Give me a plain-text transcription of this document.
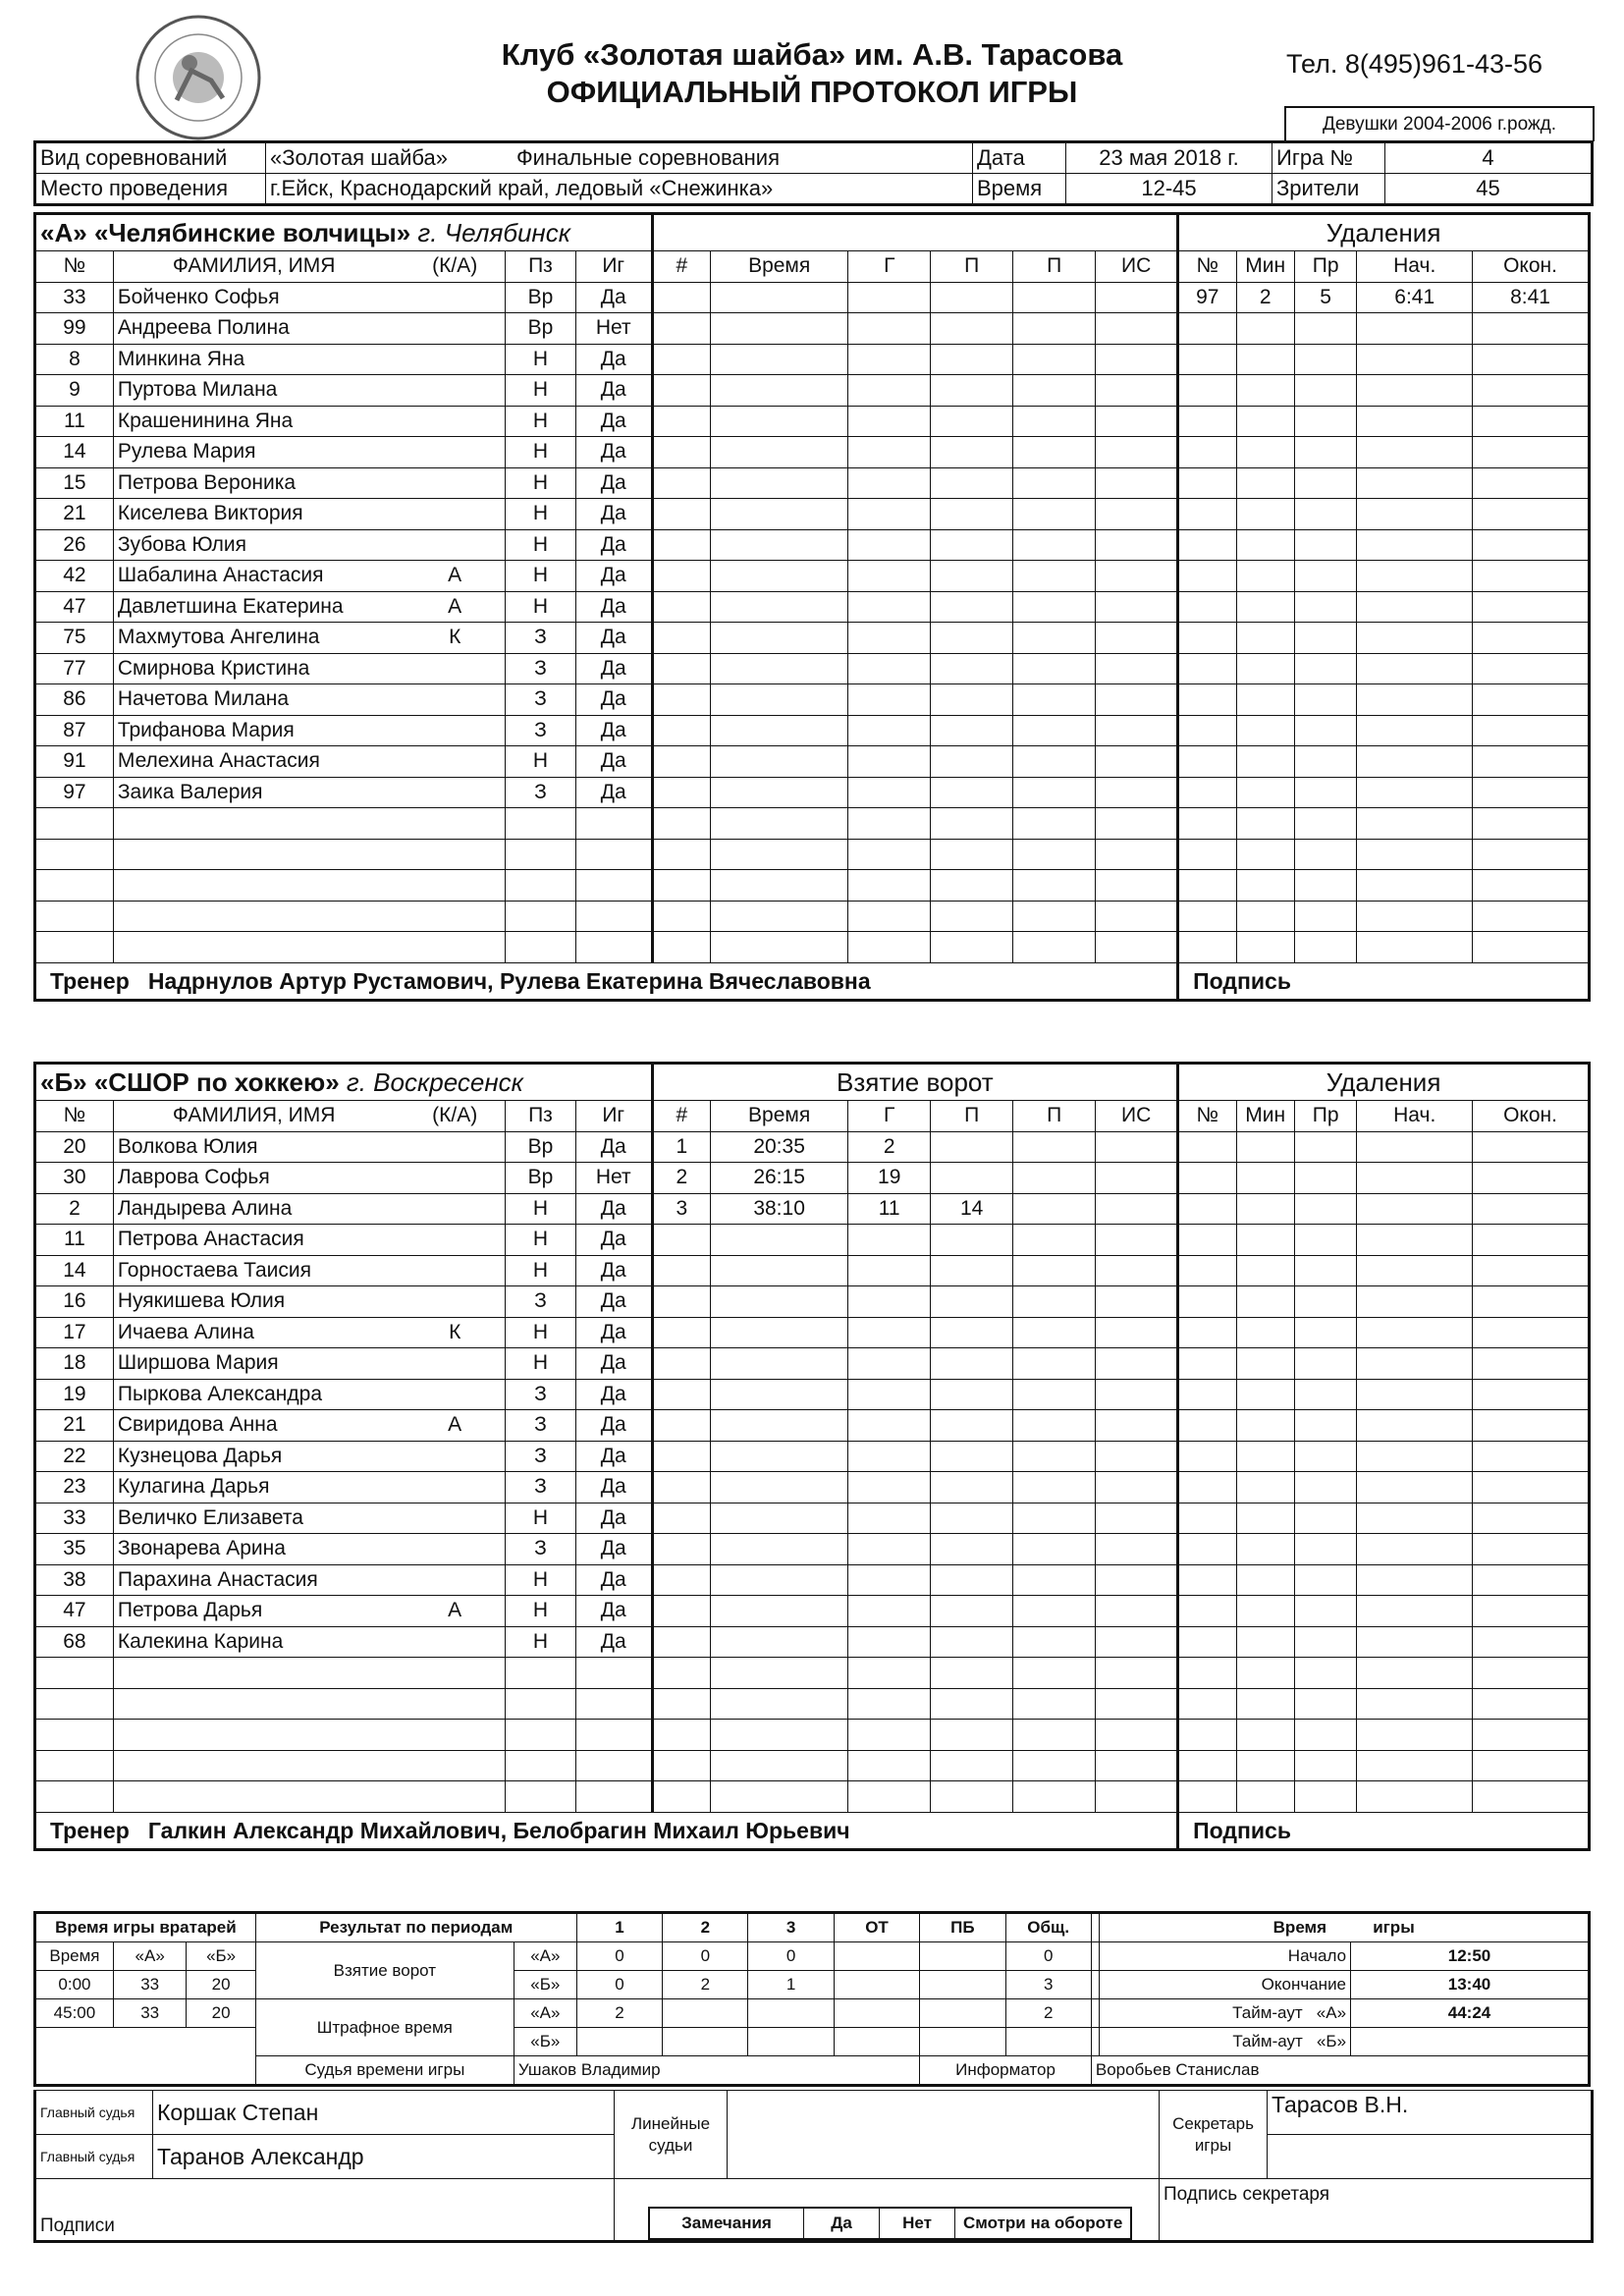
Клуб «Золотая шайба» им. А.В. Тарасова
ОФИЦИАЛЬНЫЙ ПРОТОКОЛ ИГРЫ
Тел. 8(495)961-43-56
Девушки 2004-2006 г.рожд.
Вид соревнований	«Золотая шайба» Финальные соревнования	Дата	23 мая 2018 г.	Игра №	4
Место проведения	г.Ейск, Краснодарский край, ледовый «Снежинка»	Время	12-45	Зрители	45
«А» «Челябинские волчицы» г. Челябинск											Удаления				
№	ФАМИЛИЯ, ИМЯ	(К/А)	Пз	Иг	#	Время	Г	П	П	ИС	№	Мин	Пр	Нач.	Окон.
33	Бойченко Софья		Вр	Да							97	2	5	6:41	8:41
99	Андреева Полина		Вр	Нет											
8	Минкина Яна		Н	Да											
9	Пуртова Милана		Н	Да											
11	Крашенинина Яна		Н	Да											
14	Рулева Мария		Н	Да											
15	Петрова Вероника		Н	Да											
21	Киселева Виктория		Н	Да											
26	Зубова Юлия		Н	Да											
42	Шабалина Анастасия	А	Н	Да											
47	Давлетшина Екатерина	А	Н	Да											
75	Махмутова Ангелина	К	З	Да											
77	Смирнова Кристина		З	Да											
86	Начетова Милана		З	Да											
87	Трифанова Мария		З	Да											
91	Мелехина Анастасия		Н	Да											
97	Заика Валерия		З	Да											

Тренер Надрнулов Артур Рустамович, Рулева Екатерина Вячеславовна											Подпись				
«Б» «СШОР по хоккею» г. Воскресенск					Взятие ворот						Удаления				
№	ФАМИЛИЯ, ИМЯ	(К/А)	Пз	Иг	#	Время	Г	П	П	ИС	№	Мин	Пр	Нач.	Окон.
20	Волкова Юлия		Вр	Да	1	20:35	2								
30	Лаврова Софья		Вр	Нет	2	26:15	19								
2	Ландырева Алина		Н	Да	3	38:10	11	14							
11	Петрова Анастасия		Н	Да											
14	Горностаева Таисия		Н	Да											
16	Нуякишева Юлия		З	Да											
17	Ичаева Алина	К	Н	Да											
18	Ширшова Мария		Н	Да											
19	Пыркова Александра		З	Да											
21	Свиридова Анна	А	З	Да											
22	Кузнецова Дарья		З	Да											
23	Кулагина Дарья		З	Да											
33	Величко Елизавета		Н	Да											
35	Звонарева Арина		З	Да											
38	Парахина Анастасия		Н	Да											
47	Петрова Дарья	А	Н	Да											
68	Калекина Карина		Н	Да											

Тренер Галкин Александр Михайлович, Белобрагин Михаил Юрьевич											Подпись				
Время игры вратарей			Результат по периодам		1	2	3	ОТ	ПБ	Общ.		Время          игры	
Время	«А»	«Б»	Взятие ворот	«А»	0	0	0			0		Начало	12:50
0:00	33	20		«Б»	0	2	1			3		Окончание	13:40
45:00	33	20	Штрафное время	«А»	2					2		Тайм-аут   «А»	44:24
				«Б»								Тайм-аут   «Б»	
			Судья времени игры	Ушаков Владимир					Информатор		Воробьев Станислав		
Главный судья	Коршак Степан	Линейные судьи		Секретарь игры	Тарасов В.Н.
Главный судья	Таранов Александр				
Подписи				Подпись секретаря	
Замечания	Да	Нет	Смотри на обороте
